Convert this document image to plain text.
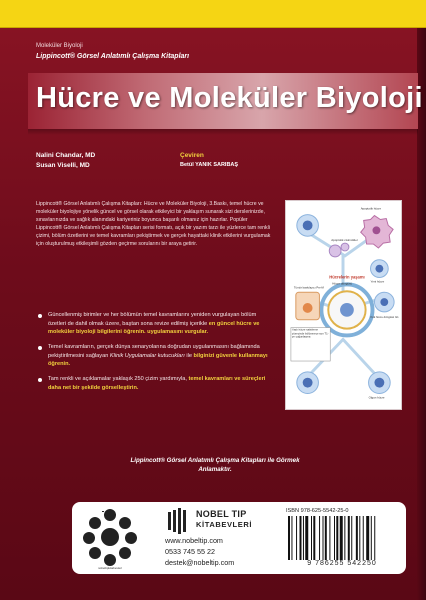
Moleküler Biyoloji
Lippincott® Görsel Anlatımlı Çalışma Kitapları
Hücre ve Moleküler Biyoloji
Nalini Chandar, MD
Susan Viselli, MD
Çeviren
Betül YANIK SARIBAŞ

Lippincott® Görsel Anlatımlı Çalışma Kitapları: Hücre ve Moleküler Biyoloji, 3.Baskı, temel hücre ve moleküler biyolojiye yönelik güncel ve görsel olarak etkileyici bir yaklaşım sunarak sizi derslerinizde, sınavlarınızda ve sağlık alanındaki kariyeriniz boyunca başarılı olmanız için hazırlar. Popüler Lippincott® Görsel Anlatımlı Çalışma Kitapları serisi formatı, açık bir yazım tarzı ile yüzlerce tam renkli çizimi, bölüm özetlerini ve temel kavramları pekiştirmek ve gerçek hayattaki klinik etkilerini vurgulamak için oluşturulmuş etkileşimli gözden geçirme sorularını bir araya getirir.

Güncellenmiş birimler ve her bölümün temel kavramlarını yeniden vurgulayan bölüm özetleri de dahil olmak üzere, baştan sona revize edilmiş içerikle en güncel hücre ve moleküler biyoloji bilgilerini öğrenin. uygulamasını vurgular.
Temel kavramların, gerçek dünya senaryolarına doğrudan uygulanmasını bağlamında pekiştirilmesini sağlayan Klinik Uygulamalar kutucukları ile bilginizi güvenle kullanmayı öğrenin.
Tam renkli ve açıklamalar yaklaşık 250 çizim yardımıyla, temel kavramları ve süreçleri daha net bir şekilde görselleştirin.
Apoptotik hücre
Apoptotik cisimcikler
Yeni hücre
Hücrelerin yaşamı
Hücre döngüsü
Tümör baskılayıcı Pre-M
Kök hücre döngüsü G1
Yaşlı hücre sabitleme yüzeyinde bölünmeye son T1-ye yoğunlaşma
Olgun hücre
Lippincott® Görsel Anlatımlı Çalışma Kitapları ile Görmek Anlamaktır.
nobeltipkitabevleri
NOBEL TIP
KİTABEVLERİ
www.nobeltip.com
0533 745 55 22
destek@nobeltip.com
ISBN 978-625-5542-25-0
9 786255 542250
